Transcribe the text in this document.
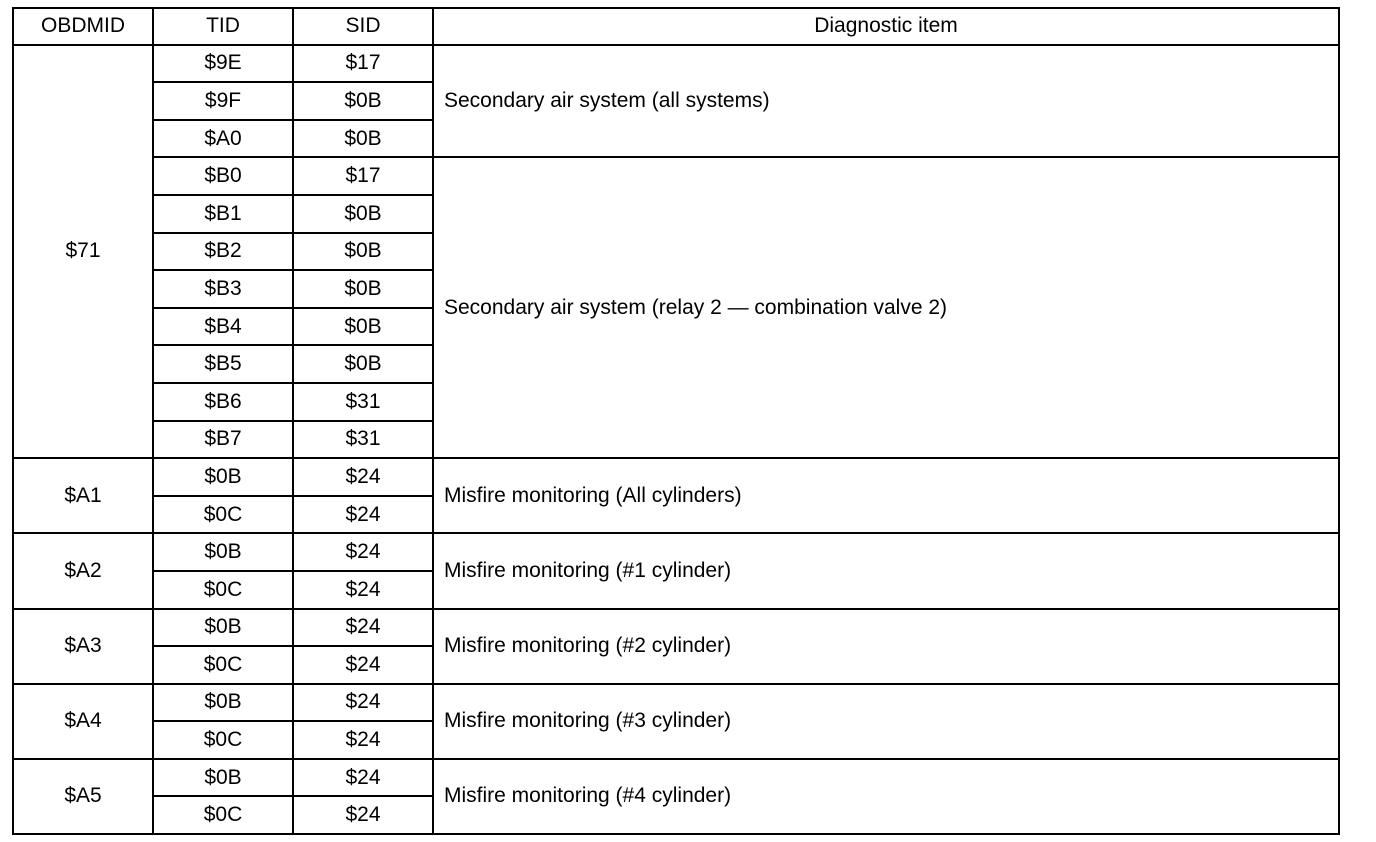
OBDMID	TID	SID	Diagnostic item
$71	$9E	$17	Secondary air system (all systems)
	$9F	$0B	
	$A0	$0B	
	$B0	$17	Secondary air system (relay 2 — combination valve 2)
	$B1	$0B	
	$B2	$0B	
	$B3	$0B	
	$B4	$0B	
	$B5	$0B	
	$B6	$31	
	$B7	$31	
$A1	$0B	$24	Misfire monitoring (All cylinders)
	$0C	$24	
$A2	$0B	$24	Misfire monitoring (#1 cylinder)
	$0C	$24	
$A3	$0B	$24	Misfire monitoring (#2 cylinder)
	$0C	$24	
$A4	$0B	$24	Misfire monitoring (#3 cylinder)
	$0C	$24	
$A5	$0B	$24	Misfire monitoring (#4 cylinder)
	$0C	$24	
